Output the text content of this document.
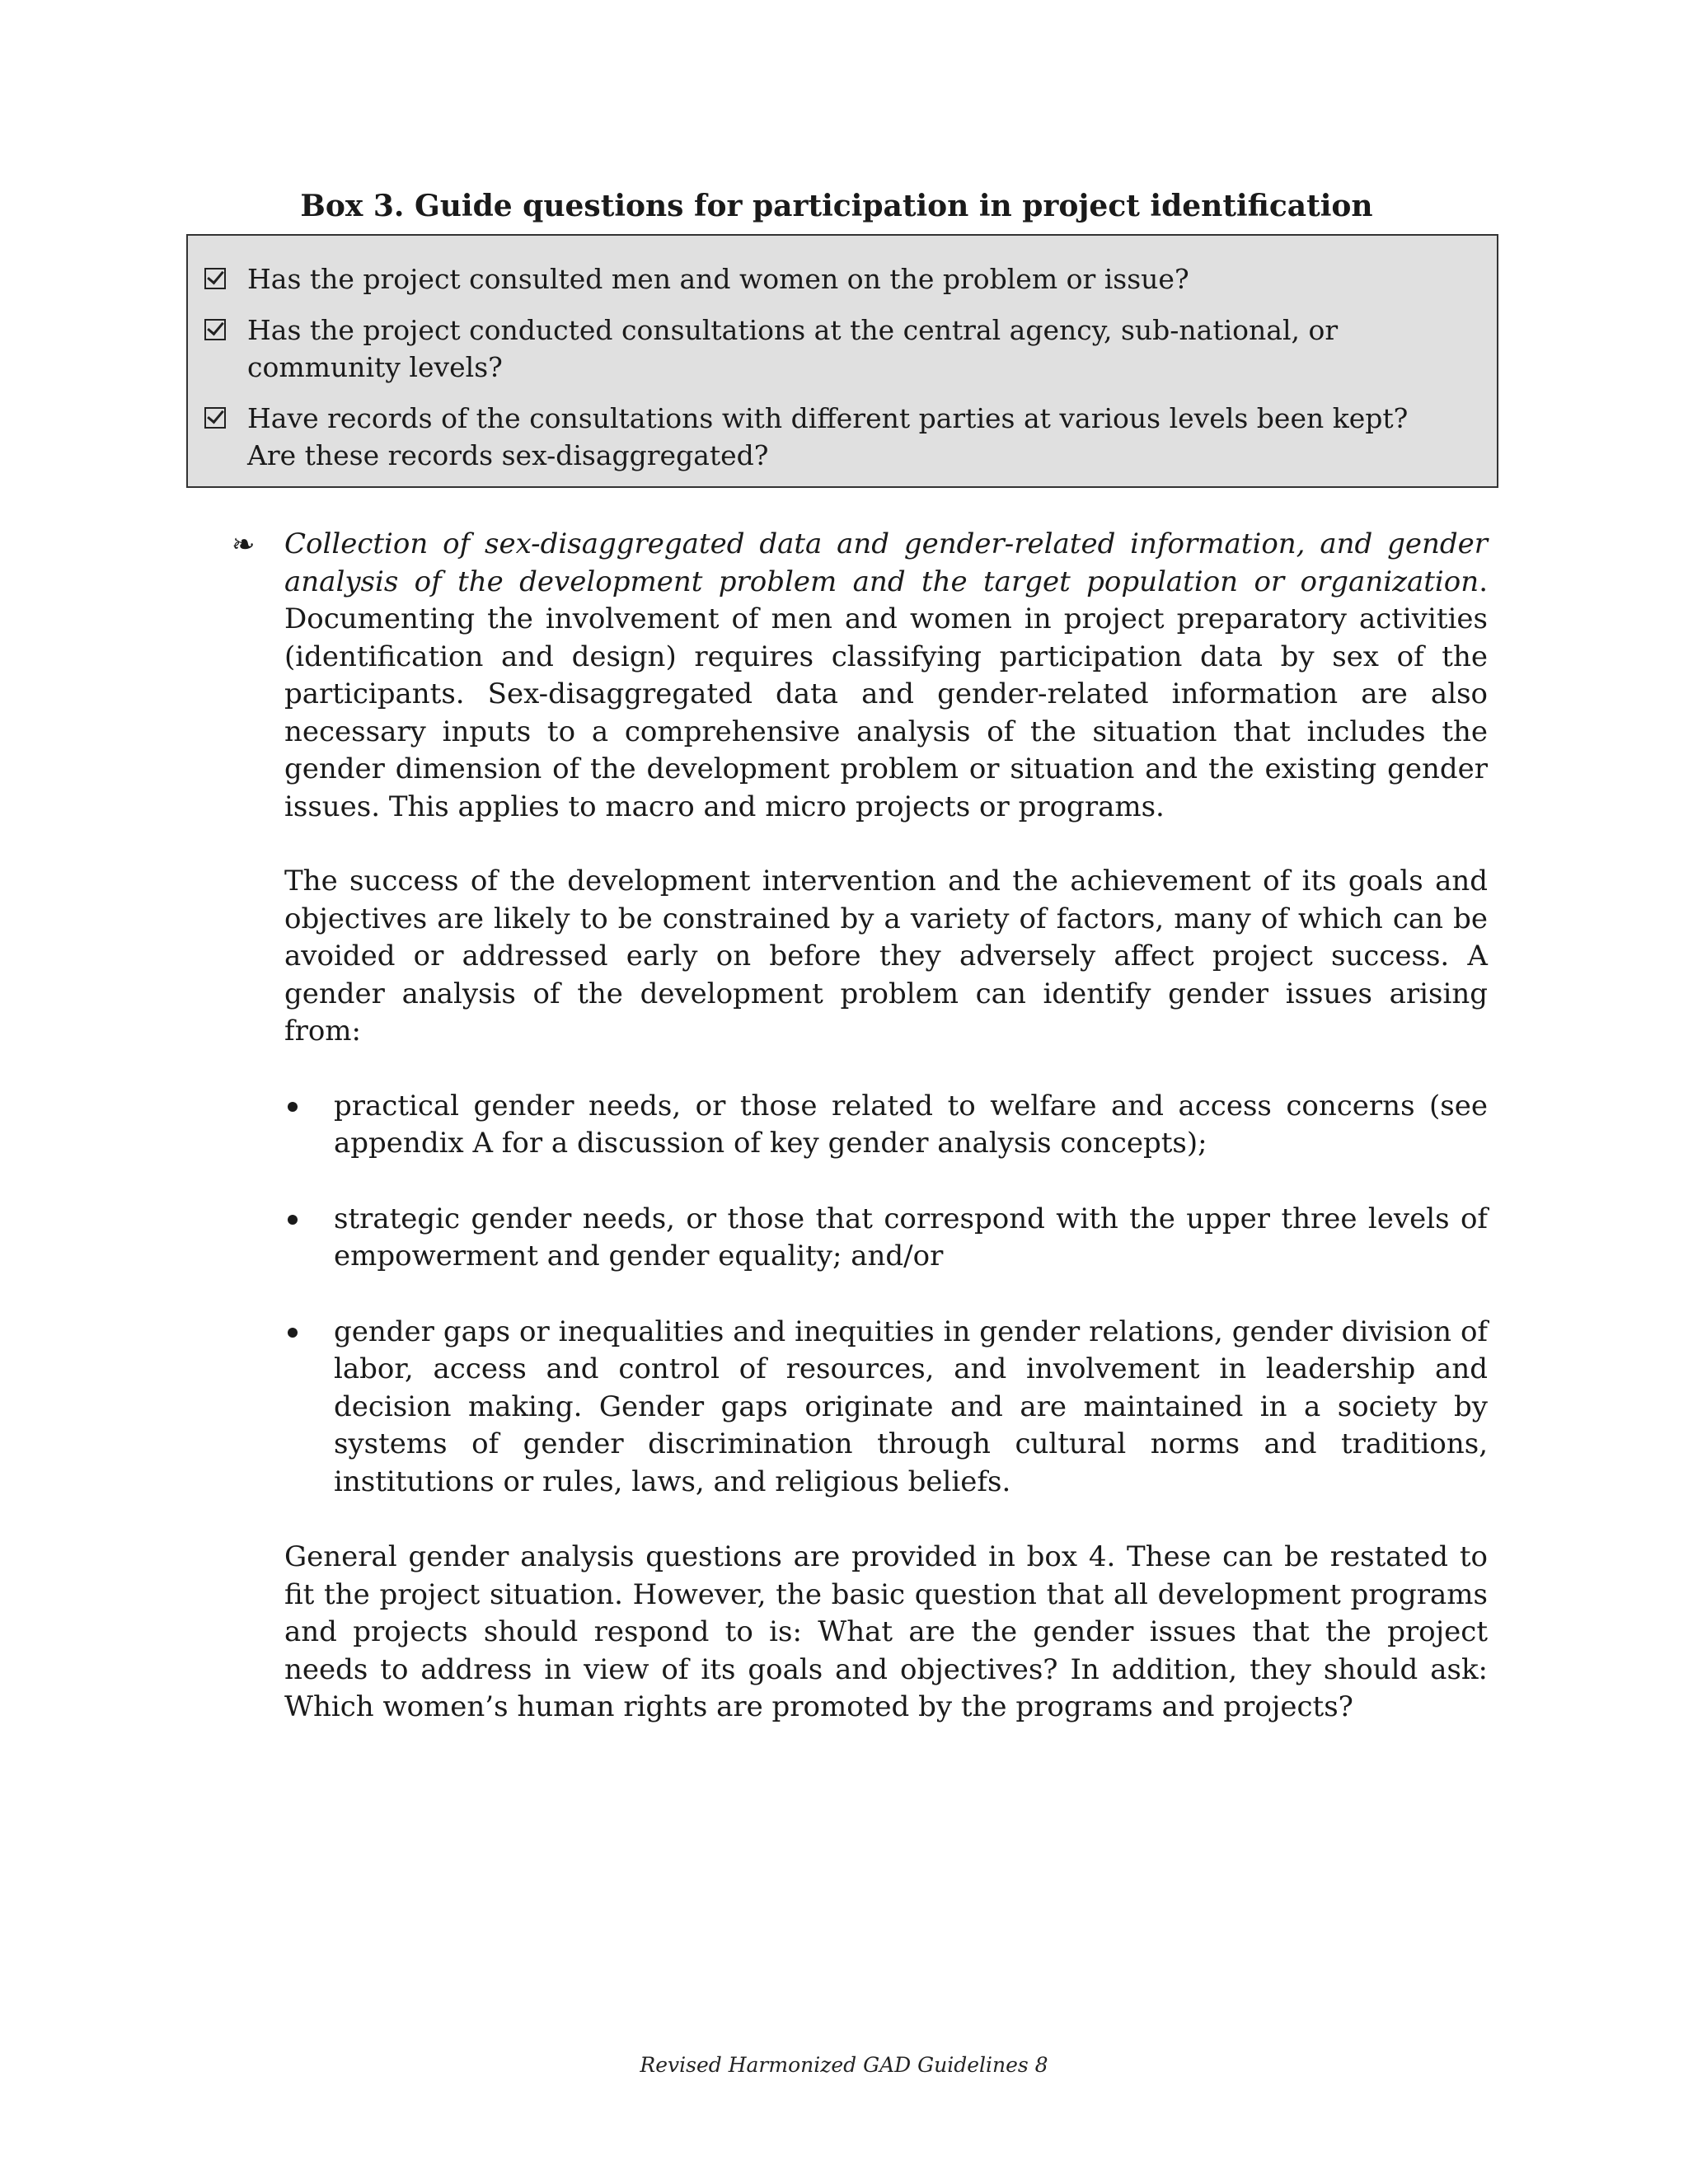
Box 3. Guide questions for participation in project identification
Has the project consulted men and women on the problem or issue?
Has the project conducted consultations at the central agency, sub-national, or community levels?
Have records of the consultations with different parties at various levels been kept? Are these records sex-disaggregated?
❧ Collection of sex-disaggregated data and gender-related information, and gender analysis of the development problem and the target population or organization. Documenting the involvement of men and women in project preparatory activities (identification and design) requires classifying participation data by sex of the participants. Sex-disaggregated data and gender-related information are also necessary inputs to a comprehensive analysis of the situation that includes the gender dimension of the development problem or situation and the existing gender issues. This applies to macro and micro projects or programs.

The success of the development intervention and the achievement of its goals and objectives are likely to be constrained by a variety of factors, many of which can be avoided or addressed early on before they adversely affect project success. A gender analysis of the development problem can identify gender issues arising from:

practical gender needs, or those related to welfare and access concerns (see appendix A for a discussion of key gender analysis concepts);
strategic gender needs, or those that correspond with the upper three levels of empowerment and gender equality; and/or
gender gaps or inequalities and inequities in gender relations, gender division of labor, access and control of resources, and involvement in leadership and decision making. Gender gaps originate and are maintained in a society by systems of gender discrimination through cultural norms and traditions, institutions or rules, laws, and religious beliefs.

General gender analysis questions are provided in box 4. These can be restated to fit the project situation. However, the basic question that all development programs and projects should respond to is: What are the gender issues that the project needs to address in view of its goals and objectives? In addition, they should ask: Which women’s human rights are promoted by the programs and projects?

Revised Harmonized GAD Guidelines 8
